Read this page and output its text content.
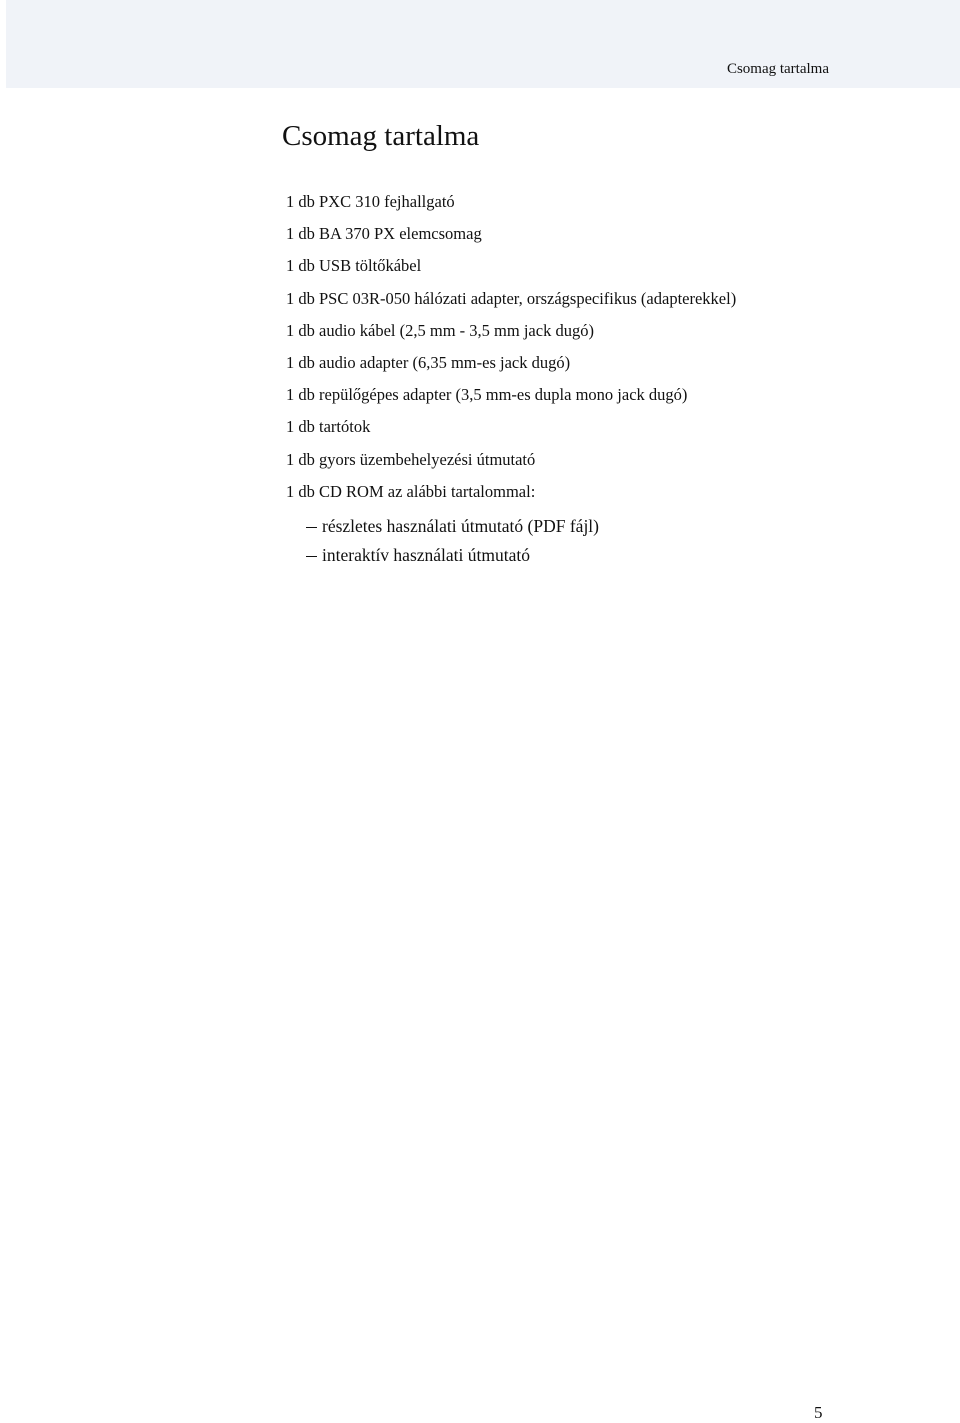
Csomag tartalma
Csomag tartalma
1 db PXC 310 fejhallgató
1 db BA 370 PX elemcsomag
1 db USB töltőkábel
1 db PSC 03R-050 hálózati adapter, országspecifikus (adapterekkel)
1 db audio kábel (2,5 mm - 3,5 mm jack dugó)
1 db audio adapter (6,35 mm-es jack dugó)
1 db repülőgépes adapter (3,5 mm-es dupla mono jack dugó)
1 db tartótok
1 db gyors üzembehelyezési útmutató
1 db CD ROM az alábbi tartalommal:
részletes használati útmutató (PDF fájl)
interaktív használati útmutató
5
